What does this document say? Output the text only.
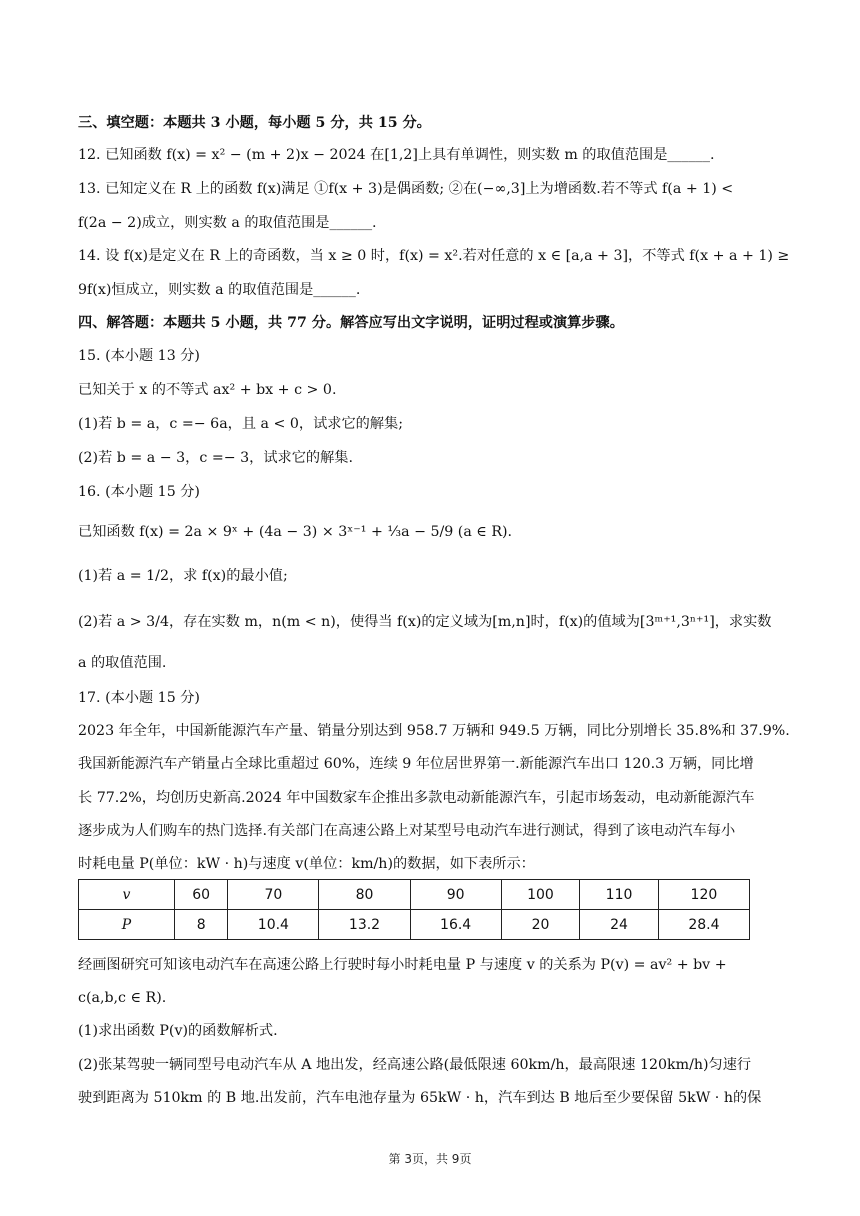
三、填空题：本题共 3 小题，每小题 5 分，共 15 分。
12. 已知函数 f(x) = x² − (m + 2)x − 2024 在[1,2]上具有单调性，则实数 m 的取值范围是______.
13. 已知定义在 R 上的函数 f(x)满足 ①f(x + 3)是偶函数; ②在(−∞,3]上为增函数.若不等式 f(a + 1) <
f(2a − 2)成立，则实数 a 的取值范围是______.
14. 设 f(x)是定义在 R 上的奇函数，当 x ≥ 0 时，f(x) = x².若对任意的 x ∈ [a,a + 3]，不等式 f(x + a + 1) ≥
9f(x)恒成立，则实数 a 的取值范围是______.
四、解答题：本题共 5 小题，共 77 分。解答应写出文字说明，证明过程或演算步骤。
15. (本小题 13 分)
已知关于 x 的不等式 ax² + bx + c > 0.
(1)若 b = a，c =− 6a，且 a < 0，试求它的解集;
(2)若 b = a − 3，c =− 3，试求它的解集.
16. (本小题 15 分)
已知函数 f(x) = 2a × 9ˣ + (4a − 3) × 3ˣ⁻¹ + ⅓a − 5/9 (a ∈ R).
(1)若 a = 1/2，求 f(x)的最小值;
(2)若 a > 3/4，存在实数 m，n(m < n)，使得当 f(x)的定义域为[m,n]时，f(x)的值域为[3ᵐ⁺¹,3ⁿ⁺¹]，求实数
a 的取值范围.
17. (本小题 15 分)
2023 年全年，中国新能源汽车产量、销量分别达到 958.7 万辆和 949.5 万辆，同比分别增长 35.8%和 37.9%.
我国新能源汽车产销量占全球比重超过 60%，连续 9 年位居世界第一.新能源汽车出口 120.3 万辆，同比增
长 77.2%，均创历史新高.2024 年中国数家车企推出多款电动新能源汽车，引起市场轰动，电动新能源汽车
逐步成为人们购车的热门选择.有关部门在高速公路上对某型号电动汽车进行测试，得到了该电动汽车每小
时耗电量 P(单位：kW · h)与速度 v(单位：km/h)的数据，如下表所示：
v	60	70	80	90	100	110	120
P	8	10.4	13.2	16.4	20	24	28.4
经画图研究可知该电动汽车在高速公路上行驶时每小时耗电量 P 与速度 v 的关系为 P(v) = av² + bv +
c(a,b,c ∈ R).
(1)求出函数 P(v)的函数解析式.
(2)张某驾驶一辆同型号电动汽车从 A 地出发，经高速公路(最低限速 60km/h，最高限速 120km/h)匀速行
驶到距离为 510km 的 B 地.出发前，汽车电池存量为 65kW · h，汽车到达 B 地后至少要保留 5kW · h的保
第 3页，共 9页
